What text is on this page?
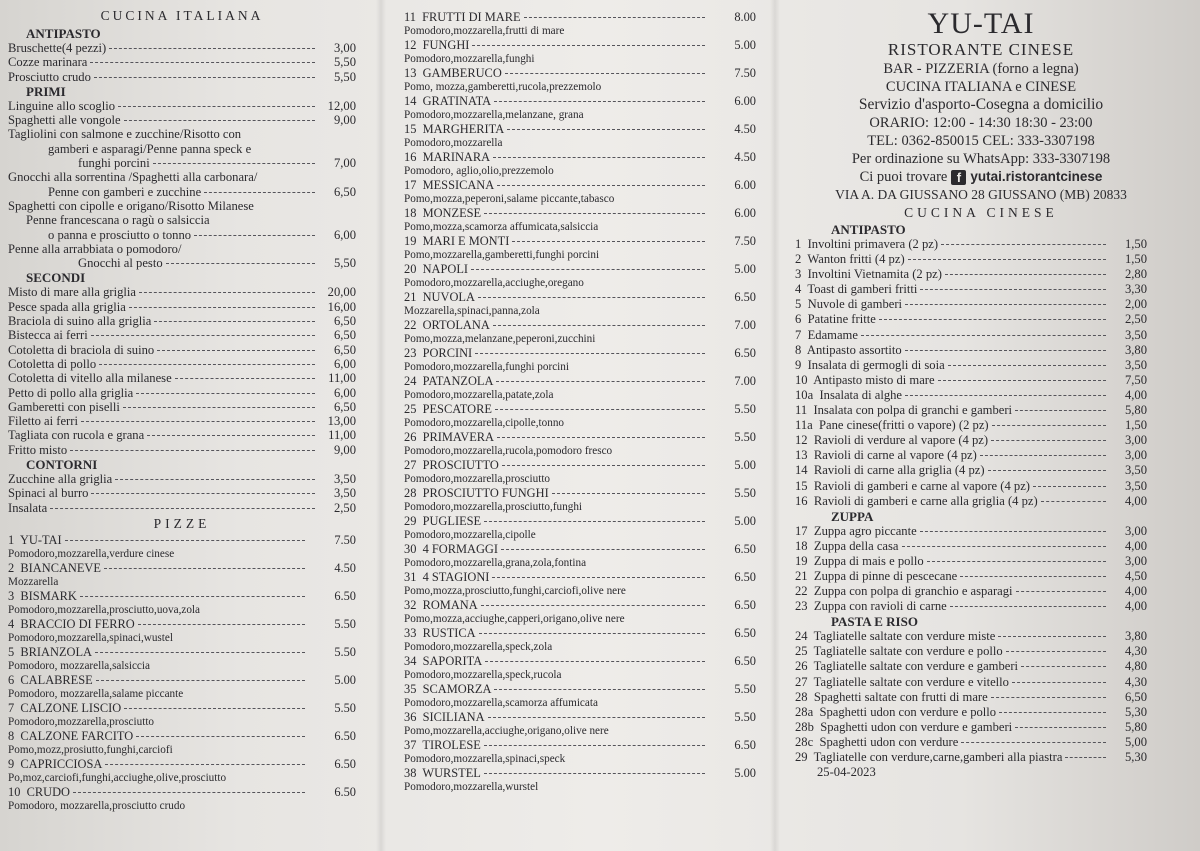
CUCINA ITALIANA

ANTIPASTO

Bruschette(4 pezzi)	3,00
Cozze marinara	5,50
Prosciutto crudo	5,50

PRIMI

Linguine allo scoglio	12,00
Spaghetti alle vongole	9,00
Tagliolini con salmone e zucchine/Risotto con
gamberi e asparagi/Penne panna speck e
funghi porcini	7,00
Gnocchi alla sorrentina /Spaghetti alla carbonara/
Penne con gamberi e zucchine	6,50
Spaghetti con cipolle e origano/Risotto Milanese
Penne francescana o ragù o salsiccia
o panna e prosciutto o tonno	6,00
Penne alla arrabbiata o pomodoro/
Gnocchi al pesto	5,50

SECONDI

Misto di mare alla griglia	20,00
Pesce spada alla griglia	16,00
Braciola di suino alla griglia	6,50
Bistecca ai ferri	6,50
Cotoletta di braciola di suino	6,50
Cotoletta di pollo	6,00
Cotoletta di vitello alla milanese	11,00
Petto di pollo alla griglia	6,00
Gamberetti con piselli	6,50
Filetto ai ferri	13,00
Tagliata con rucola e grana	11,00
Fritto misto	9,00

CONTORNI

Zucchine alla griglia	3,50
Spinaci al burro	3,50
Insalata	2,50

PIZZE

1 YU-TAI	7.50
Pomodoro,mozzarella,verdure cinese
2 BIANCANEVE	4.50
Mozzarella
3 BISMARK	6.50
Pomodoro,mozzarella,prosciutto,uova,zola
4 BRACCIO DI FERRO	5.50
Pomodoro,mozzarella,spinaci,wustel
5 BRIANZOLA	5.50
Pomodoro, mozzarella,salsiccia
6 CALABRESE	5.00
Pomodoro, mozzarella,salame piccante
7 CALZONE LISCIO	5.50
Pomodoro,mozzarella,prosciutto
8 CALZONE FARCITO	6.50
Pomo,mozz,prosiutto,funghi,carciofi
9 CAPRICCIOSA	6.50
Po,moz,carciofi,funghi,acciughe,olive,prosciutto
10 CRUDO	6.50
Pomodoro, mozzarella,prosciutto crudo
11 FRUTTI DI MARE	8.00
Pomodoro,mozzarella,frutti di mare
12 FUNGHI	5.00
Pomodoro,mozzarella,funghi
13 GAMBERUCO	7.50
Pomo, mozza,gamberetti,rucola,prezzemolo
14 GRATINATA	6.00
Pomodoro,mozzarella,melanzane, grana
15 MARGHERITA	4.50
Pomodoro,mozzarella
16 MARINARA	4.50
Pomodoro, aglio,olio,prezzemolo
17 MESSICANA	6.00
Pomo,mozza,peperoni,salame piccante,tabasco
18 MONZESE	6.00
Pomo,mozza,scamorza affumicata,salsiccia
19 MARI E MONTI	7.50
Pomo,mozzarella,gamberetti,funghi porcini
20 NAPOLI	5.00
Pomodoro,mozzarella,acciughe,oregano
21 NUVOLA	6.50
Mozzarella,spinaci,panna,zola
22 ORTOLANA	7.00
Pomo,mozza,melanzane,peperoni,zucchini
23 PORCINI	6.50
Pomodoro,mozzarella,funghi porcini
24 PATANZOLA	7.00
Pomodoro,mozzarella,patate,zola
25 PESCATORE	5.50
Pomodoro,mozzarella,cipolle,tonno
26 PRIMAVERA	5.50
Pomodoro,mozzarella,rucola,pomodoro fresco
27 PROSCIUTTO	5.00
Pomodoro,mozzarella,prosciutto
28 PROSCIUTTO FUNGHI	5.50
Pomodoro,mozzarella,prosciutto,funghi
29 PUGLIESE	5.00
Pomodoro,mozzarella,cipolle
30 4 FORMAGGI	6.50
Pomodoro,mozzarella,grana,zola,fontina
31 4 STAGIONI	6.50
Pomo,mozza,prosciutto,funghi,carciofi,olive nere
32 ROMANA	6.50
Pomo,mozza,acciughe,capperi,origano,olive nere
33 RUSTICA	6.50
Pomodoro,mozzarella,speck,zola
34 SAPORITA	6.50
Pomodoro,mozzarella,speck,rucola
35 SCAMORZA	5.50
Pomodoro,mozzarella,scamorza affumicata
36 SICILIANA	5.50
Pomo,mozzarella,acciughe,origano,olive nere
37 TIROLESE	6.50
Pomodoro,mozzarella,spinaci,speck
38 WURSTEL	5.00
Pomodoro,mozzarella,wurstel

YU-TAI

RISTORANTE CINESE

BAR - PIZZERIA (forno a legna)

CUCINA ITALIANA e CINESE

Servizio d'asporto-Cosegna a domicilio

ORARIO: 12:00 - 14:30 18:30 - 23:00

TEL: 0362-850015 CEL: 333-3307198

Per ordinazione su WhatsApp: 333-3307198

Ci puoi trovare f yutai.ristorantcinese

VIA A. DA GIUSSANO 28 GIUSSANO (MB) 20833

CUCINA CINESE

ANTIPASTO

1 Involtini primavera (2 pz)	1,50
2 Wanton fritti (4 pz)	1,50
3 Involtini Vietnamita (2 pz)	2,80
4 Toast di gamberi fritti	3,30
5 Nuvole di gamberi	2,00
6 Patatine fritte	2,50
7 Edamame	3,50
8 Antipasto assortito	3,80
9 Insalata di germogli di soia	3,50
10 Antipasto misto di mare	7,50
10a Insalata di alghe	4,00
11 Insalata con polpa di granchi e gamberi	5,80
11a Pane cinese(fritti o vapore) (2 pz)	1,50
12 Ravioli di verdure al vapore (4 pz)	3,00
13 Ravioli di carne al vapore (4 pz)	3,00
14 Ravioli di carne alla griglia (4 pz)	3,50
15 Ravioli di gamberi e carne al vapore (4 pz)	3,50
16 Ravioli di gamberi e carne alla griglia (4 pz)	4,00

ZUPPA

17 Zuppa agro piccante	3,00
18 Zuppa della casa	4,00
19 Zuppa di mais e pollo	3,00
21 Zuppa di pinne di pescecane	4,50
22 Zuppa con polpa di granchio e asparagi	4,00
23 Zuppa con ravioli di carne	4,00

PASTA E RISO

24 Tagliatelle saltate con verdure miste	3,80
25 Tagliatelle saltate con verdure e pollo	4,30
26 Tagliatelle saltate con verdure e gamberi	4,80
27 Tagliatelle saltate con verdure e vitello	4,30
28 Spaghetti saltate con frutti di mare	6,50
28a Spaghetti udon con verdure e pollo	5,30
28b Spaghetti udon con verdure e gamberi	5,80
28c Spaghetti udon con verdure	5,00
29 Tagliatelle con verdure,carne,gamberi alla piastra	5,30
25-04-2023
